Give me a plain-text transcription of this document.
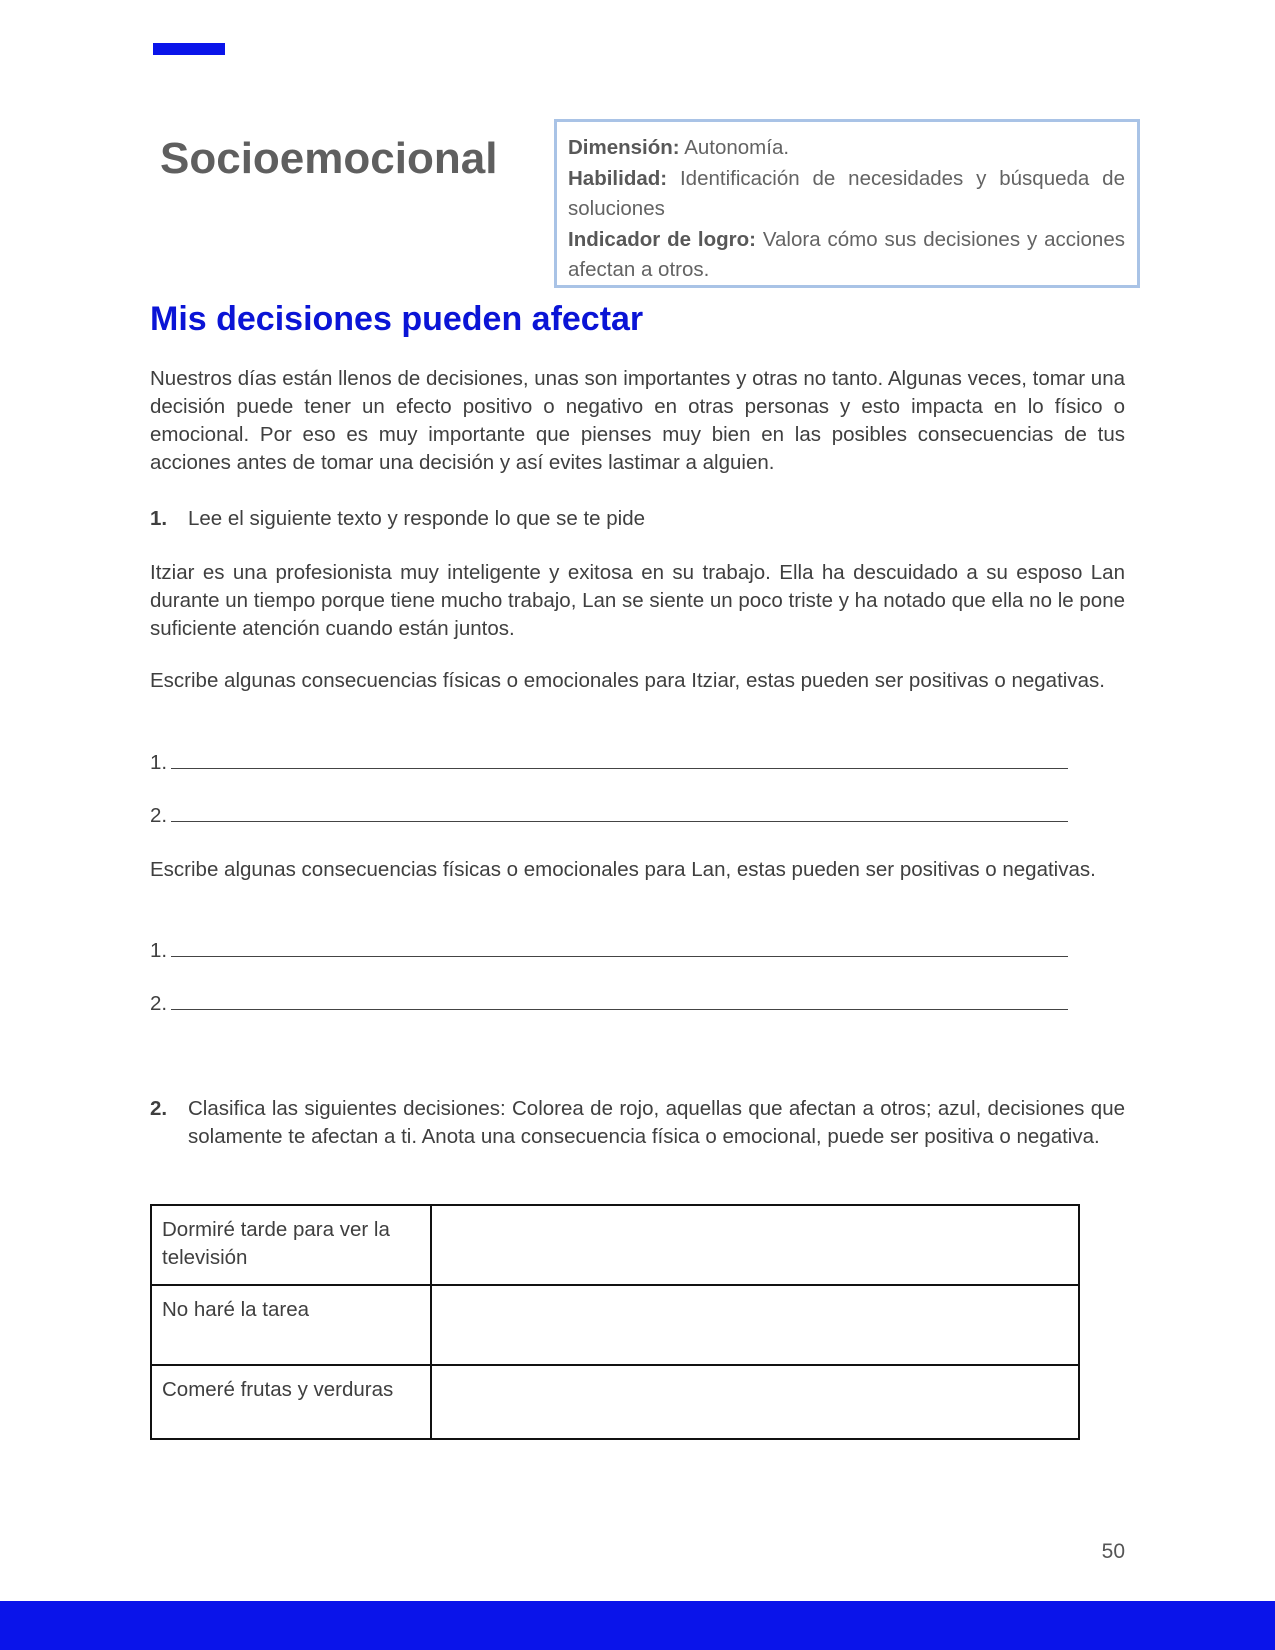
Socioemocional	Dimensión: Autonomía.
Habilidad: Identificación de necesidades y búsqueda de soluciones
Indicador de logro: Valora cómo sus decisiones y acciones afectan a otros.
Mis decisiones pueden afectar

Nuestros días están llenos de decisiones, unas son importantes y otras no tanto. Algunas veces, tomar una decisión puede tener un efecto positivo o negativo en otras personas y esto impacta en lo físico o emocional. Por eso es muy importante que pienses muy bien en las posibles consecuencias de tus acciones antes de tomar una decisión y así evites lastimar a alguien.

1. Lee el siguiente texto y responde lo que se te pide

Itziar es una profesionista muy inteligente y exitosa en su trabajo. Ella ha descuidado a su esposo Lan durante un tiempo porque tiene mucho trabajo, Lan se siente un poco triste y ha notado que ella no le pone suficiente atención cuando están juntos.

Escribe algunas consecuencias físicas o emocionales para Itziar, estas pueden ser positivas o negativas.

1.
2.

Escribe algunas consecuencias físicas o emocionales para Lan, estas pueden ser positivas o negativas.

1.
2.
2. Clasifica las siguientes decisiones: Colorea de rojo, aquellas que afectan a otros; azul, decisiones que solamente te afectan a ti. Anota una consecuencia física o emocional, puede ser positiva o negativa.
Dormiré tarde para ver la televisión	
No haré la tarea	
Comeré frutas y verduras	
50
